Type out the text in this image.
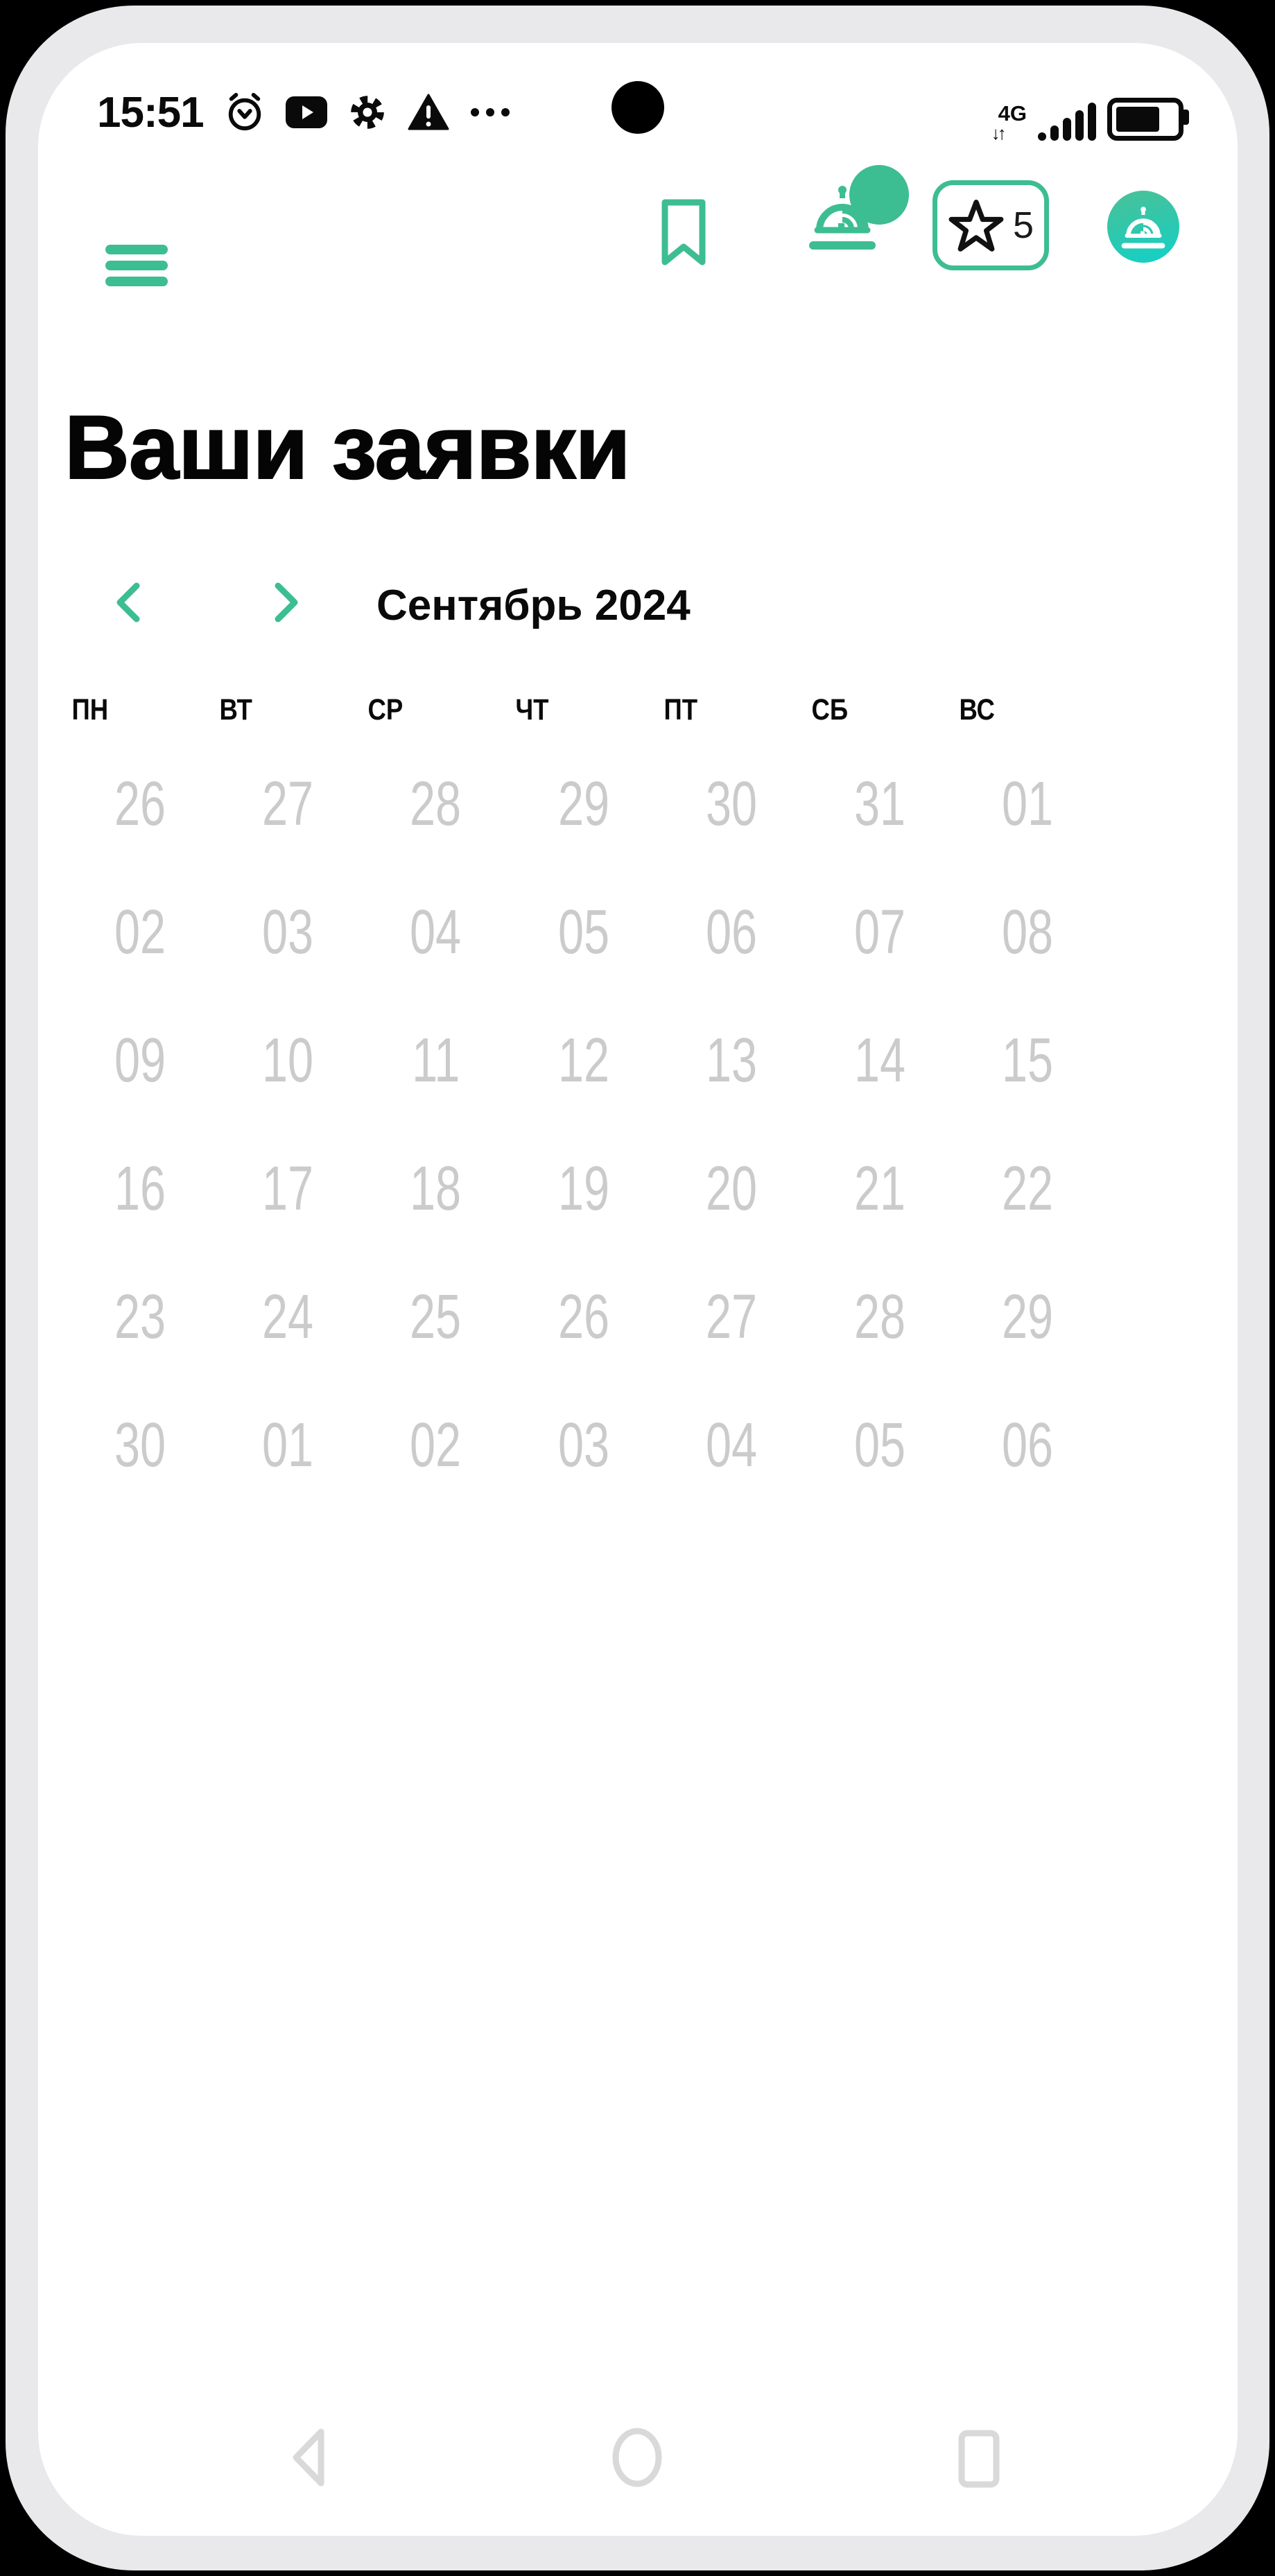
15:51	4G
↓↑
5
Ваши заявки
Сентябрь 2024
ПН	ВТ	СР	ЧТ	ПТ	СБ	ВС
26	27	28	29	30	31	01
02	03	04	05	06	07	08
09	10	11	12	13	14	15
16	17	18	19	20	21	22
23	24	25	26	27	28	29
30	01	02	03	04	05	06
